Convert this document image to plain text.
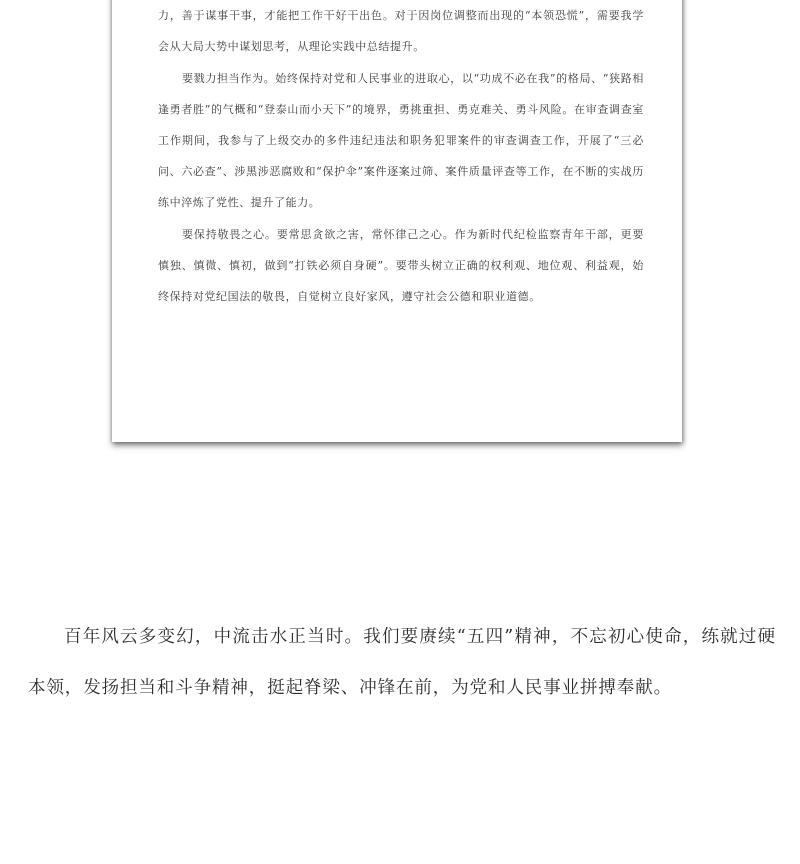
力，善于谋事干事，才能把工作干好干出色。对于因岗位调整而出现的“本领恐慌”，需要我学会从大局大势中谋划思考，从理论实践中总结提升。

要戮力担当作为。始终保持对党和人民事业的进取心，以“功成不必在我”的格局、“狭路相逢勇者胜”的气概和“登泰山而小天下”的境界，勇挑重担、勇克难关、勇斗风险。在审查调查室工作期间，我参与了上级交办的多件违纪违法和职务犯罪案件的审查调查工作，开展了“三必问、六必查”、涉黑涉恶腐败和“保护伞”案件逐案过筛、案件质量评查等工作，在不断的实战历练中淬炼了党性、提升了能力。

要保持敬畏之心。要常思贪欲之害，常怀律己之心。作为新时代纪检监察青年干部，更要慎独、慎微、慎初，做到“打铁必须自身硬”。要带头树立正确的权利观、地位观、利益观，始终保持对党纪国法的敬畏，自觉树立良好家风，遵守社会公德和职业道德。

百年风云多变幻，中流击水正当时。我们要赓续“五四”精神，不忘初心使命，练就过硬本领，发扬担当和斗争精神，挺起脊梁、冲锋在前，为党和人民事业拼搏奉献。
